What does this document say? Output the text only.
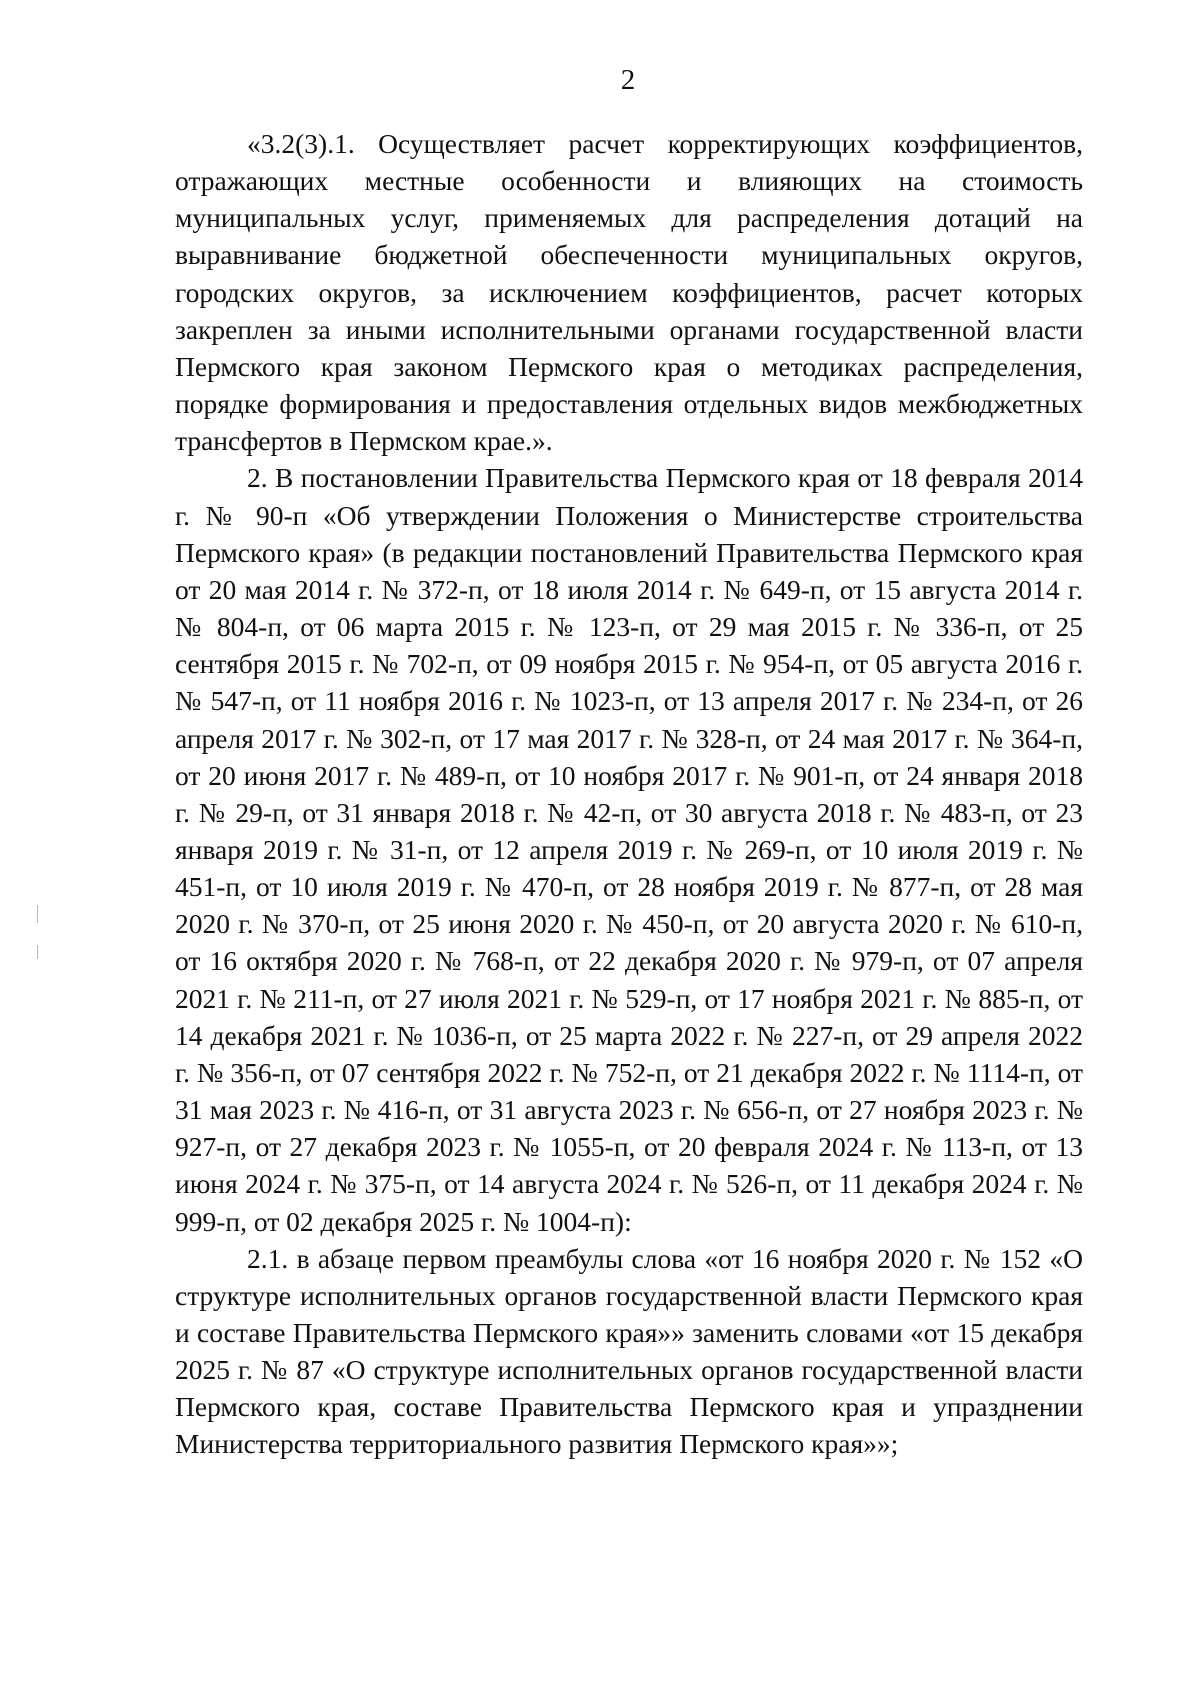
2

«3.2(3).1. Осуществляет расчет корректирующих коэффициентов, отражающих местные особенности и влияющих на стоимость муниципальных услуг, применяемых для распределения дотаций на выравнивание бюджетной обеспеченности муниципальных округов, городских округов, за исключением коэффициентов, расчет которых закреплен за иными исполнительными органами государственной власти Пермского края законом Пермского края о методиках распределения, порядке формирования и предоставления отдельных видов межбюджетных трансфертов в Пермском крае.».

2. В постановлении Правительства Пермского края от 18 февраля 2014 г. № 90-п «Об утверждении Положения о Министерстве строительства Пермского края» (в редакции постановлений Правительства Пермского края от 20 мая 2014 г. № 372-п, от 18 июля 2014 г. № 649-п, от 15 августа 2014 г. № 804-п, от 06 марта 2015 г. № 123-п, от 29 мая 2015 г. № 336-п, от 25 сентября 2015 г. № 702-п, от 09 ноября 2015 г. № 954-п, от 05 августа 2016 г. № 547-п, от 11 ноября 2016 г. № 1023-п, от 13 апреля 2017 г. № 234-п, от 26 апреля 2017 г. № 302-п, от 17 мая 2017 г. № 328-п, от 24 мая 2017 г. № 364-п, от 20 июня 2017 г. № 489-п, от 10 ноября 2017 г. № 901-п, от 24 января 2018 г. № 29-п, от 31 января 2018 г. № 42-п, от 30 августа 2018 г. № 483-п, от 23 января 2019 г. № 31-п, от 12 апреля 2019 г. № 269-п, от 10 июля 2019 г. № 451-п, от 10 июля 2019 г. № 470-п, от 28 ноября 2019 г. № 877-п, от 28 мая 2020 г. № 370-п, от 25 июня 2020 г. № 450-п, от 20 августа 2020 г. № 610-п, от 16 октября 2020 г. № 768-п, от 22 декабря 2020 г. № 979-п, от 07 апреля 2021 г. № 211-п, от 27 июля 2021 г. № 529-п, от 17 ноября 2021 г. № 885-п, от 14 декабря 2021 г. № 1036-п, от 25 марта 2022 г. № 227-п, от 29 апреля 2022 г. № 356-п, от 07 сентября 2022 г. № 752-п, от 21 декабря 2022 г. № 1114-п, от 31 мая 2023 г. № 416-п, от 31 августа 2023 г. № 656-п, от 27 ноября 2023 г. № 927-п, от 27 декабря 2023 г. № 1055-п, от 20 февраля 2024 г. № 113-п, от 13 июня 2024 г. № 375-п, от 14 августа 2024 г. № 526-п, от 11 декабря 2024 г. № 999-п, от 02 декабря 2025 г. № 1004-п):

2.1. в абзаце первом преамбулы слова «от 16 ноября 2020 г. № 152 «О структуре исполнительных органов государственной власти Пермского края и составе Правительства Пермского края»» заменить словами «от 15 декабря 2025 г. № 87 «О структуре исполнительных органов государственной власти Пермского края, составе Правительства Пермского края и упразднении Министерства территориального развития Пермского края»»;
